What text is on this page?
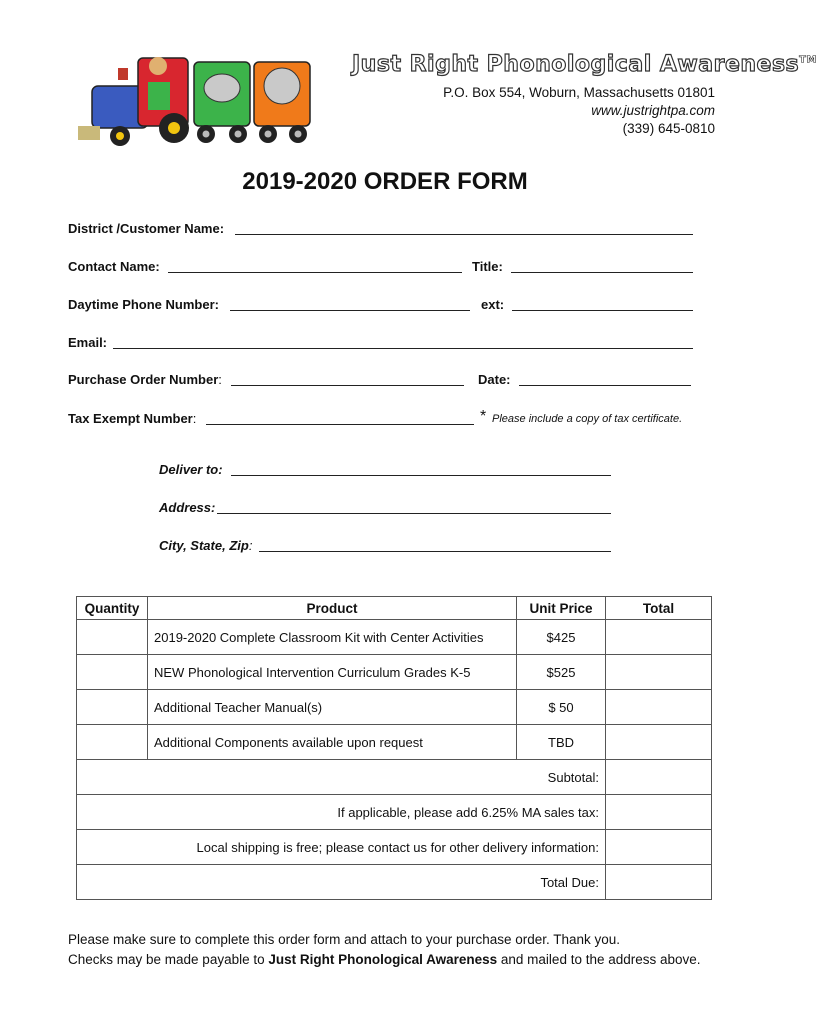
Just Right Phonological Awareness™
P.O. Box 554, Woburn, Massachusetts 01801
www.justrightpa.com
(339) 645-0810
2019-2020 ORDER FORM
District /Customer Name:
Contact Name:	Title:
Daytime Phone Number:	ext:
Email:
Purchase Order Number:	Date:
Tax Exempt Number:	* Please include a copy of tax certificate.
Deliver to:
Address:
City, State, Zip:
Quantity	Product	Unit Price	Total
	2019-2020 Complete Classroom Kit with Center Activities	$425	
	NEW Phonological Intervention Curriculum Grades K-5	$525	
	Additional Teacher Manual(s)	$ 50	
	Additional Components available upon request	TBD	
Subtotal:			
If applicable, please add 6.25% MA sales tax:			
Local shipping is free; please contact us for other delivery information:			
Total Due:			
Please make sure to complete this order form and attach to your purchase order. Thank you.
Checks may be made payable to Just Right Phonological Awareness and mailed to the address above.
